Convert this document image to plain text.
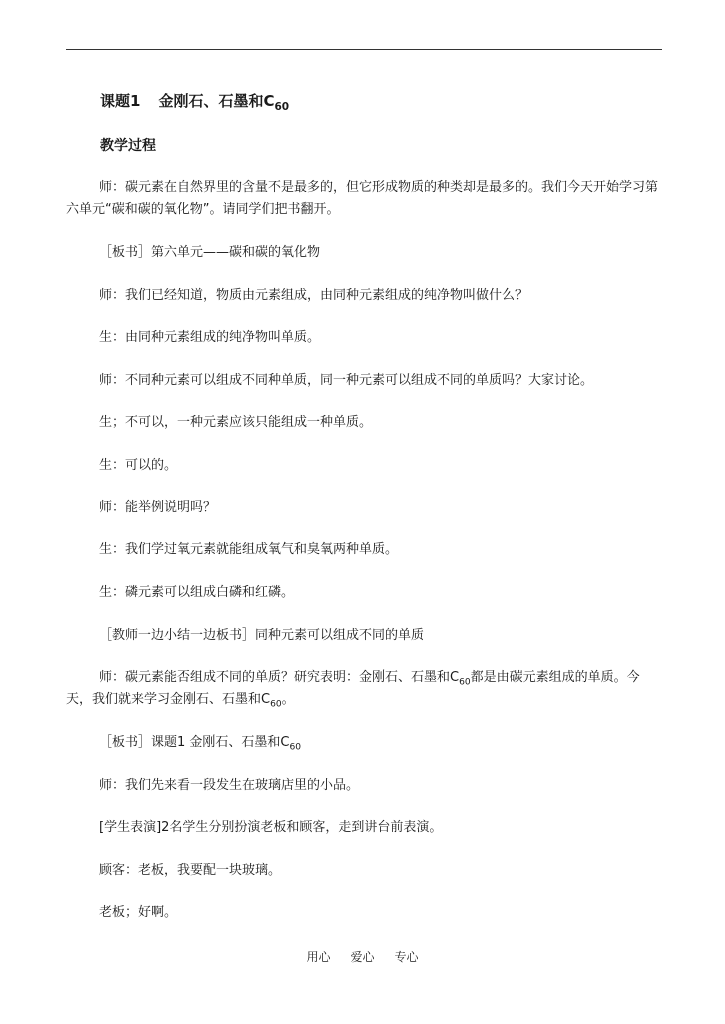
课题1 金刚石、石墨和$C_{60}$
教学过程
师：碳元素在自然界里的含量不是最多的，但它形成物质的种类却是最多的。我们今天开始学习第六单元“碳和碳的氧化物”。请同学们把书翻开。
［板书］第六单元——碳和碳的氧化物
师：我们已经知道，物质由元素组成，由同种元素组成的纯净物叫做什么？
生：由同种元素组成的纯净物叫单质。
师：不同种元素可以组成不同种单质，同一种元素可以组成不同的单质吗？大家讨论。
生；不可以，一种元素应该只能组成一种单质。
生：可以的。
师：能举例说明吗？
生：我们学过氧元素就能组成氧气和臭氧两种单质。
生：磷元素可以组成白磷和红磷。
［教师一边小结一边板书］同种元素可以组成不同的单质
师：碳元素能否组成不同的单质？研究表明：金刚石、石墨和$C_{60}$都是由碳元素组成的单质。今天，我们就来学习金刚石、石墨和$C_{60}$。
［板书］课题1 金刚石、石墨和$C_{60}$
师：我们先来看一段发生在玻璃店里的小品。
[学生表演]2名学生分别扮演老板和顾客，走到讲台前表演。
顾客：老板，我要配一块玻璃。
老板；好啊。
用心 爱心 专心
